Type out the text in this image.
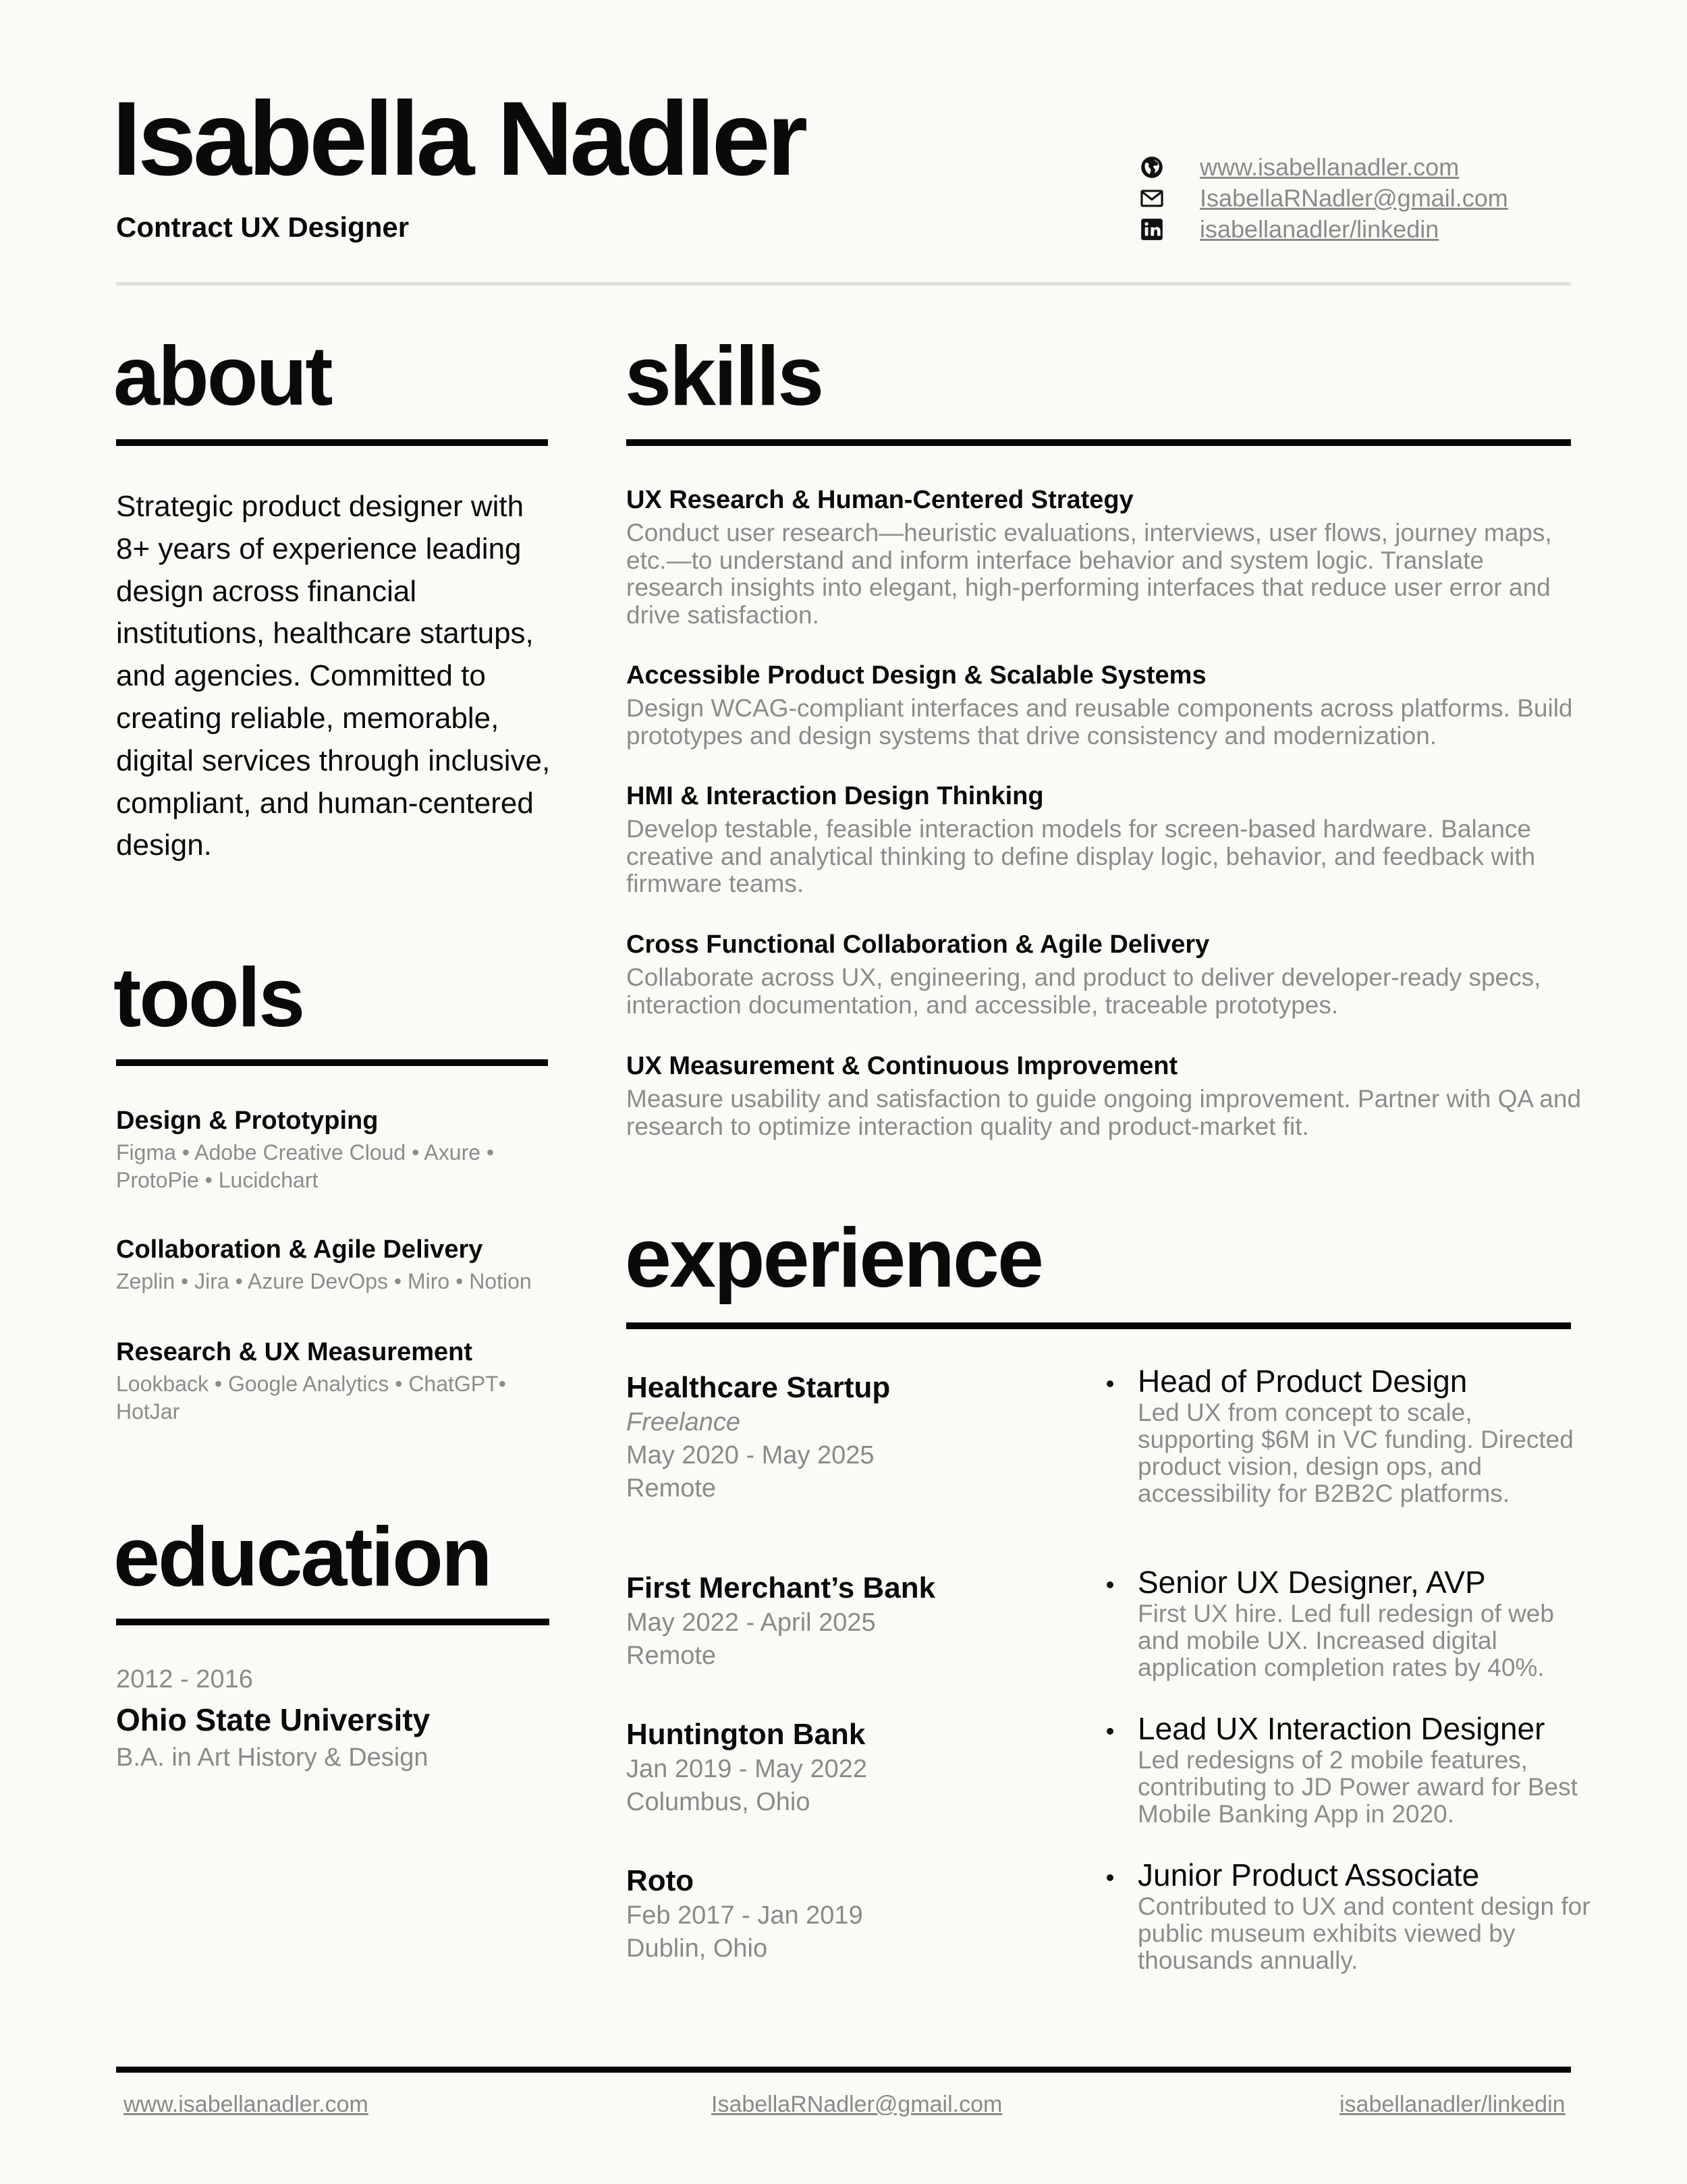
Isabella Nadler
Contract UX Designer
www.isabellanadler.com
IsabellaRNadler@gmail.com
isabellanadler/linkedin
about
Strategic product designer with 8+ years of experience leading design across financial institutions, healthcare startups, and agencies. Committed to creating reliable, memorable, digital services through inclusive, compliant, and human-centered design.
tools
Design & Prototyping
Figma • Adobe Creative Cloud • Axure • ProtoPie • Lucidchart
Collaboration & Agile Delivery
Zeplin • Jira • Azure DevOps • Miro • Notion
Research & UX Measurement
Lookback • Google Analytics • ChatGPT• HotJar
education
2012 - 2016
Ohio State University
B.A. in Art History & Design
skills
UX Research & Human-Centered Strategy
Conduct user research—heuristic evaluations, interviews, user flows, journey maps, etc.—to understand and inform interface behavior and system logic. Translate research insights into elegant, high-performing interfaces that reduce user error and drive satisfaction.
Accessible Product Design & Scalable Systems
Design WCAG-compliant interfaces and reusable components across platforms. Build prototypes and design systems that drive consistency and modernization.
HMI & Interaction Design Thinking
Develop testable, feasible interaction models for screen-based hardware. Balance creative and analytical thinking to define display logic, behavior, and feedback with firmware teams.
Cross Functional Collaboration & Agile Delivery
Collaborate across UX, engineering, and product to deliver developer-ready specs, interaction documentation, and accessible, traceable prototypes.
UX Measurement & Continuous Improvement
Measure usability and satisfaction to guide ongoing improvement. Partner with QA and research to optimize interaction quality and product-market fit.
experience
Healthcare Startup
Freelance
May 2020 - May 2025
Remote
First Merchant’s Bank
May 2022 - April 2025
Remote
Huntington Bank
Jan 2019 - May 2022
Columbus, Ohio
Roto
Feb 2017 - Jan 2019
Dublin, Ohio
Head of Product Design
Led UX from concept to scale, supporting $6M in VC funding. Directed product vision, design ops, and accessibility for B2B2C platforms.
Senior UX Designer, AVP
First UX hire. Led full redesign of web and mobile UX. Increased digital application completion rates by 40%.
Lead UX Interaction Designer
Led redesigns of 2 mobile features, contributing to JD Power award for Best Mobile Banking App in 2020.
Junior Product Associate
Contributed to UX and content design for public museum exhibits viewed by thousands annually.
www.isabellanadler.com	IsabellaRNadler@gmail.com	isabellanadler/linkedin
